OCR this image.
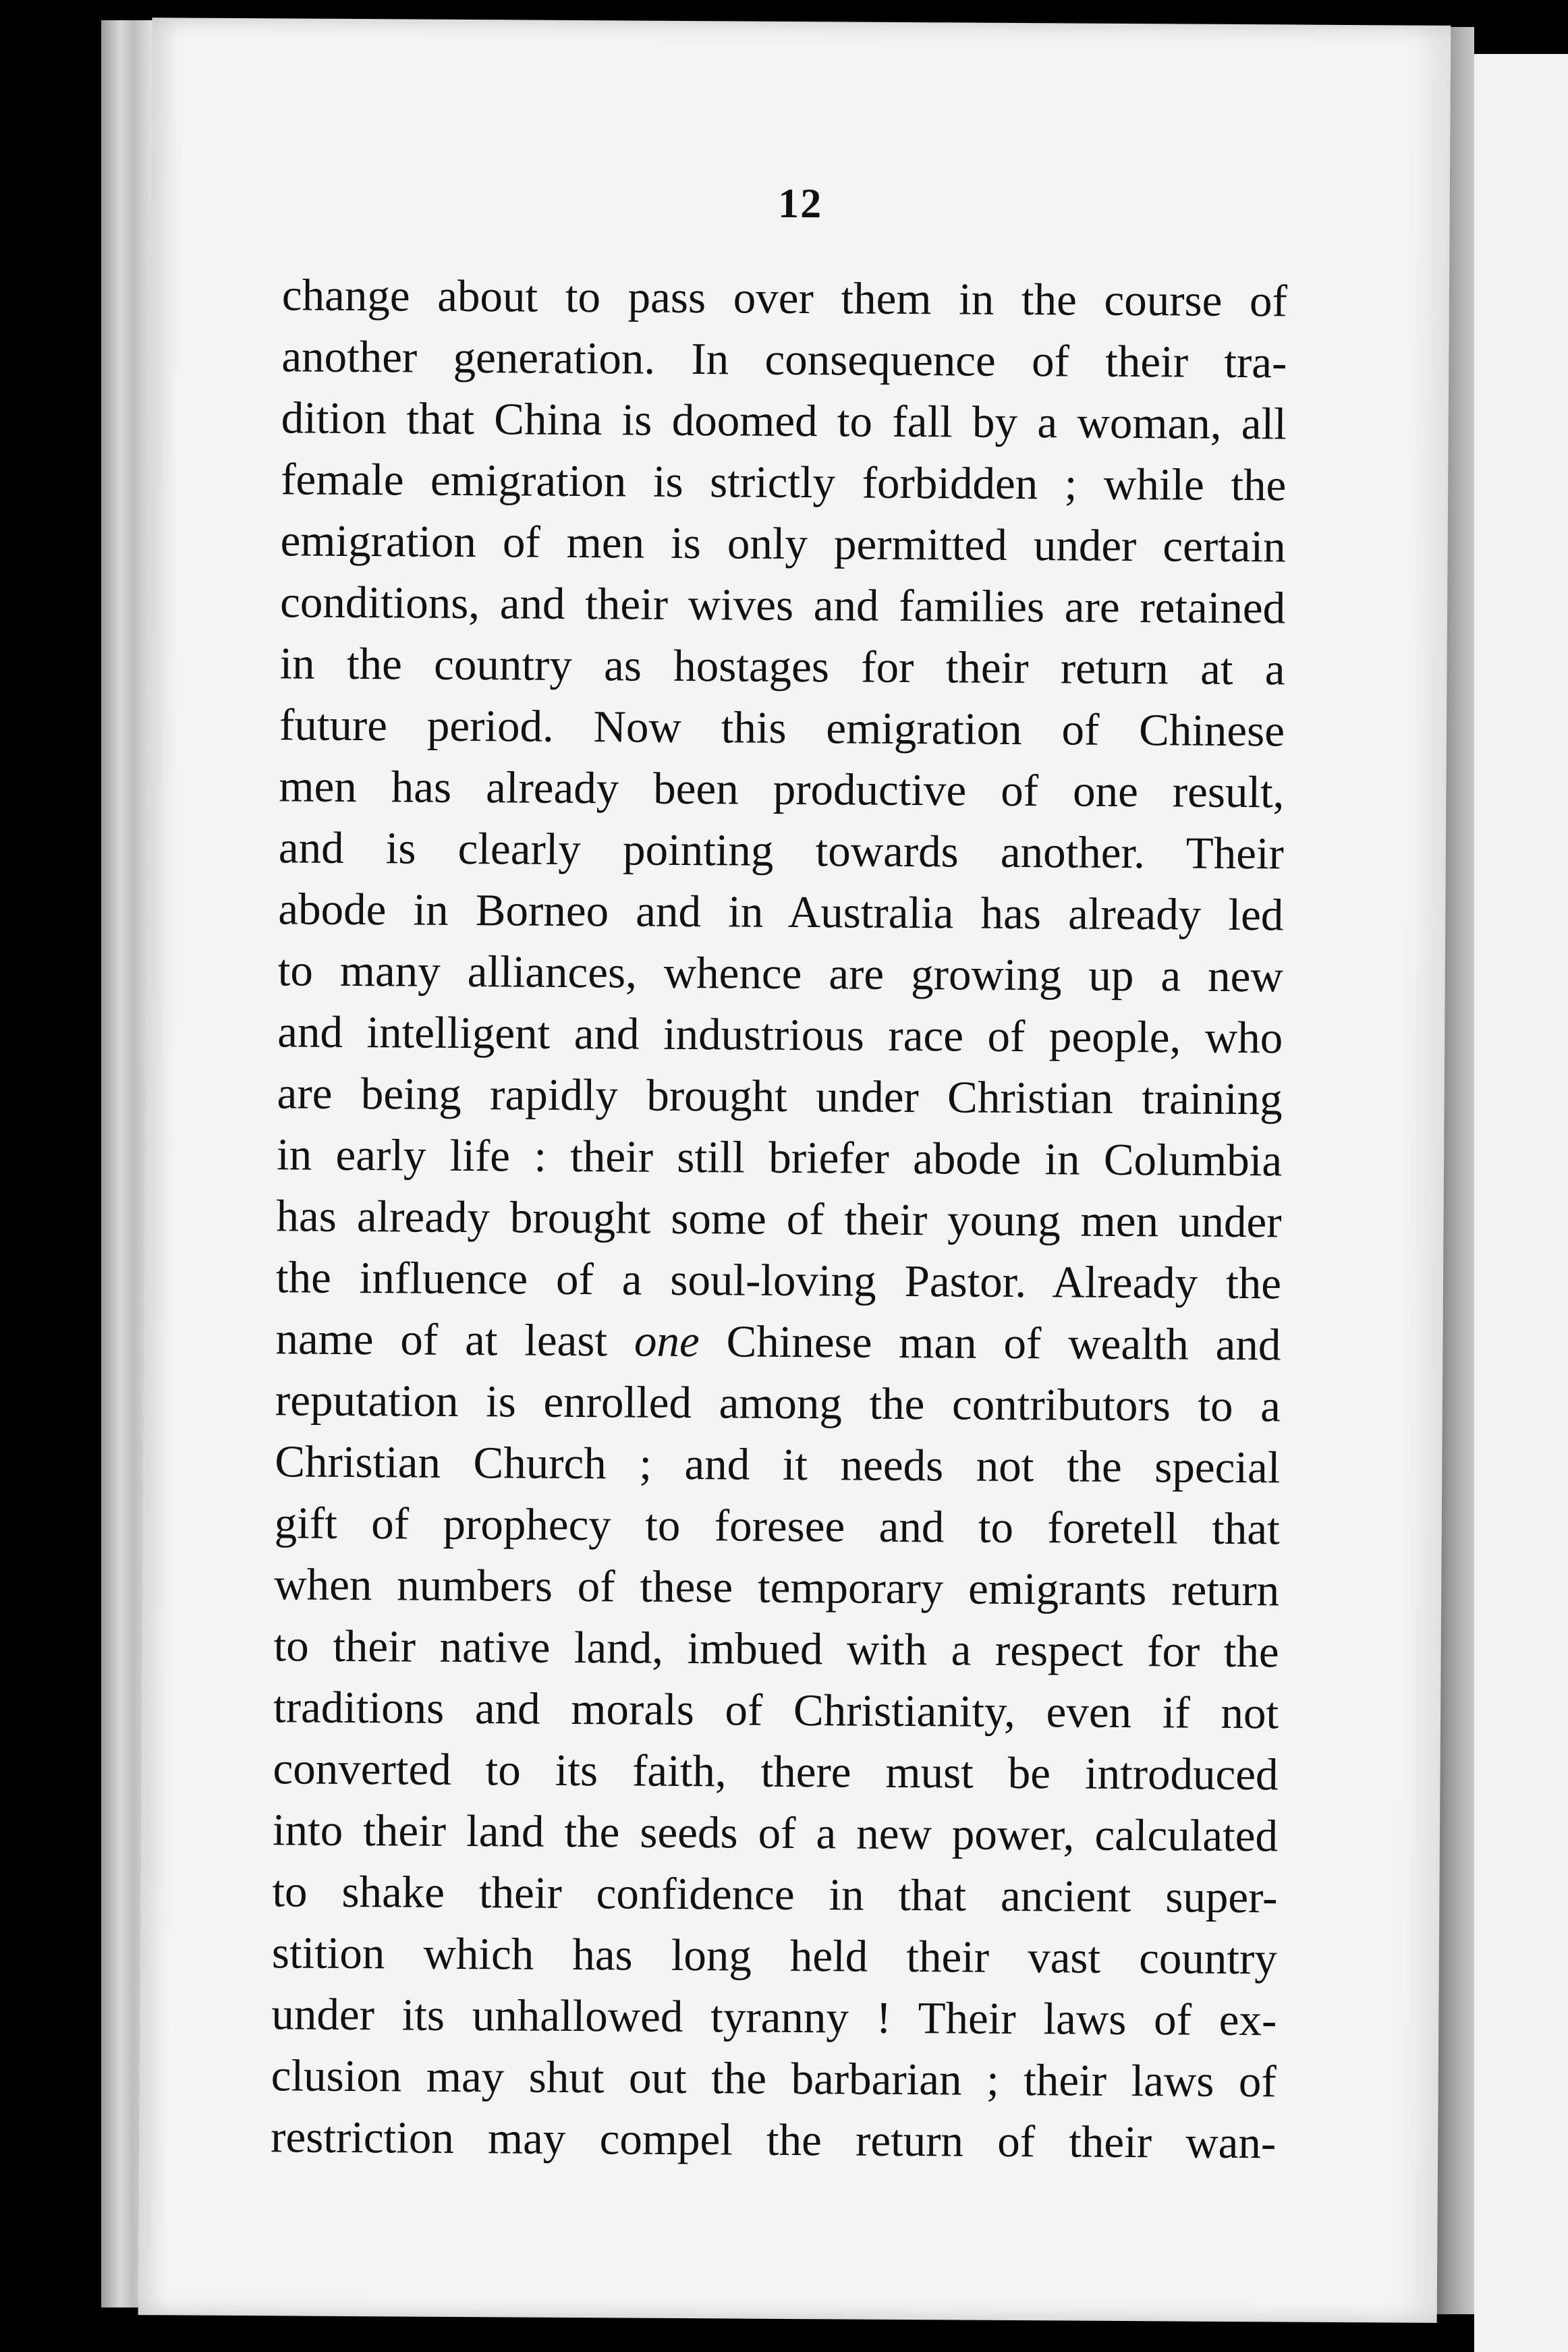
12
change about to pass over them in the course of
another generation. In consequence of their tra-
dition that China is doomed to fall by a woman, all
female emigration is strictly forbidden ; while the
emigration of men is only permitted under certain
conditions, and their wives and families are retained
in the country as hostages for their return at a
future period. Now this emigration of Chinese
men has already been productive of one result,
and is clearly pointing towards another. Their
abode in Borneo and in Australia has already led
to many alliances, whence are growing up a new
and intelligent and industrious race of people, who
are being rapidly brought under Christian training
in early life : their still briefer abode in Columbia
has already brought some of their young men under
the influence of a soul-loving Pastor. Already the
name of at least one Chinese man of wealth and
reputation is enrolled among the contributors to a
Christian Church ; and it needs not the special
gift of prophecy to foresee and to foretell that
when numbers of these temporary emigrants return
to their native land, imbued with a respect for the
traditions and morals of Christianity, even if not
converted to its faith, there must be introduced
into their land the seeds of a new power, calculated
to shake their confidence in that ancient super-
stition which has long held their vast country
under its unhallowed tyranny ! Their laws of ex-
clusion may shut out the barbarian ; their laws of
restriction may compel the return of their wan-
